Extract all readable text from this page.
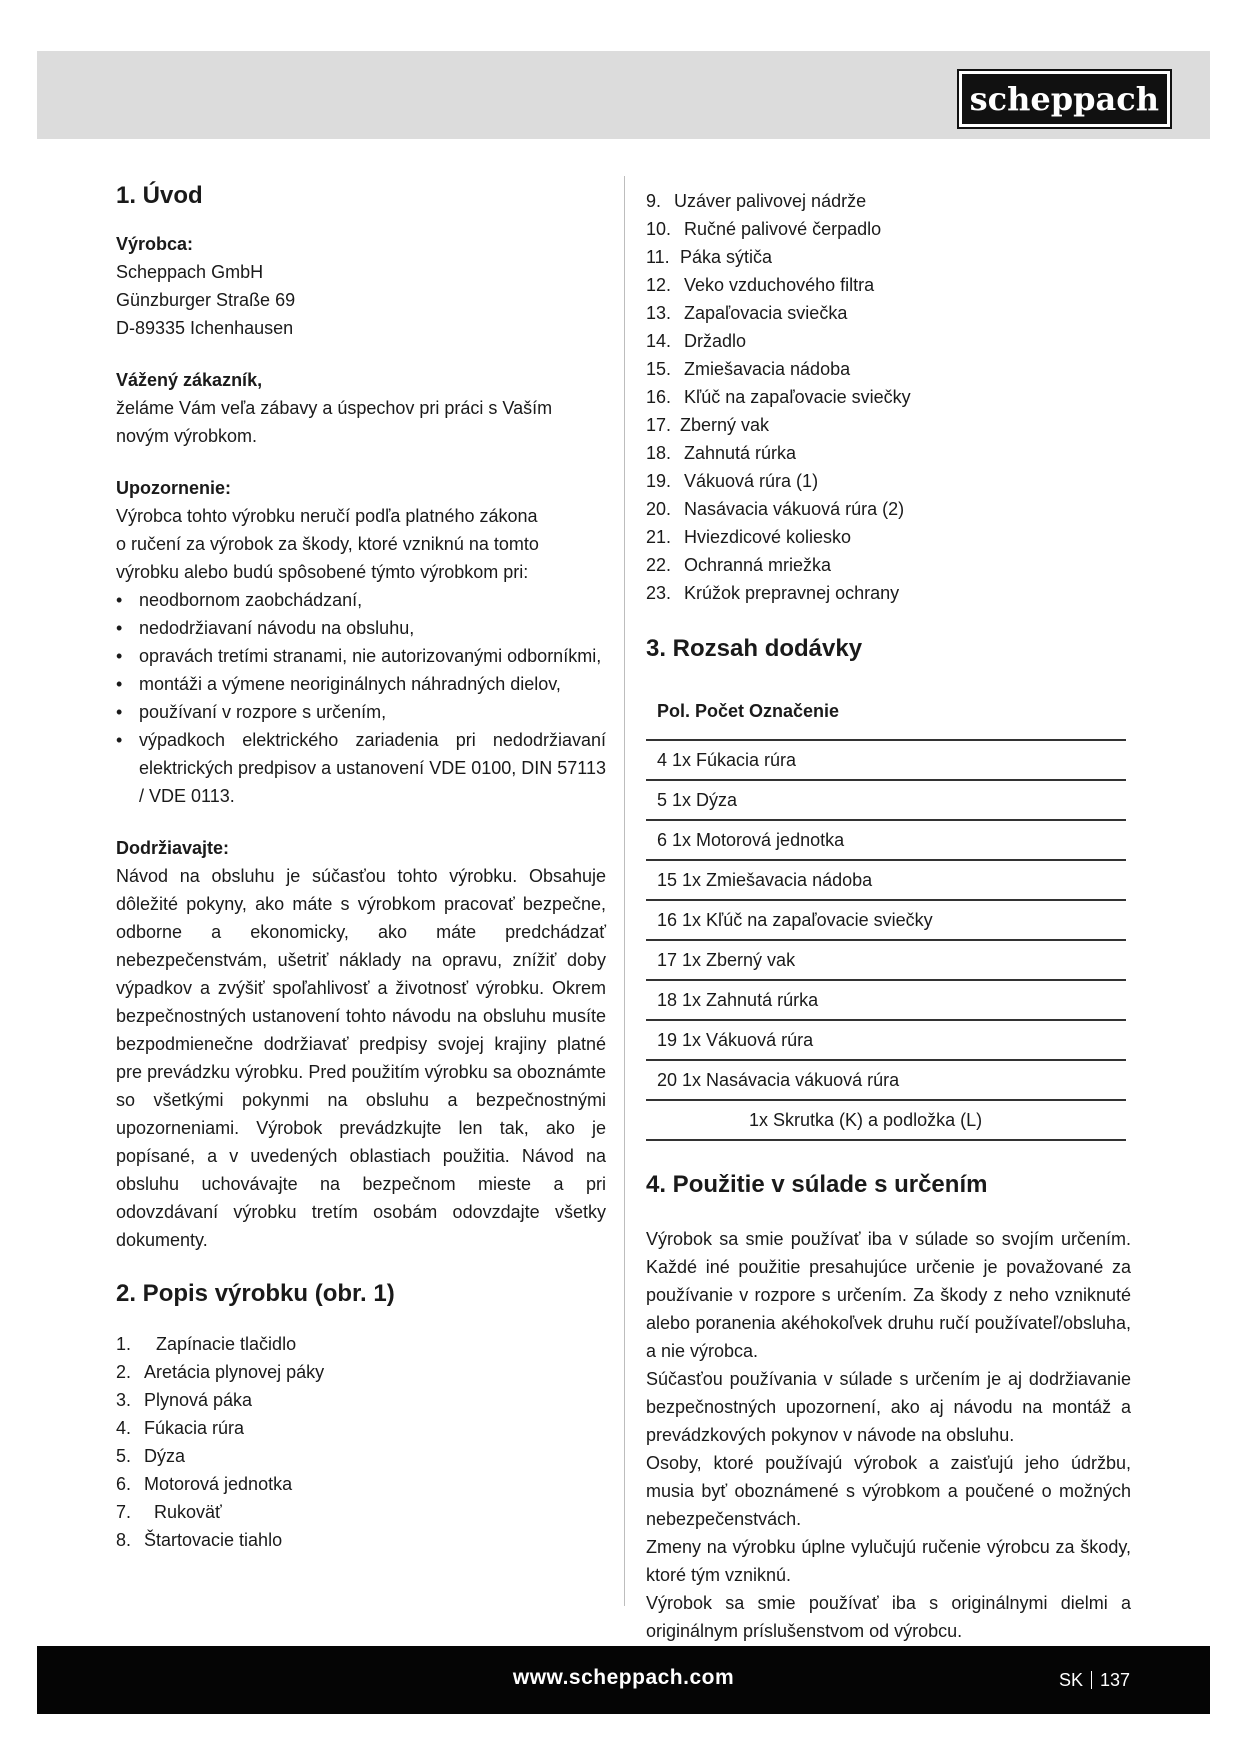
scheppach
1. Úvod

Výrobca:

Scheppach GmbH

Günzburger Straße 69

D-89335 Ichenhausen

Vážený zákazník,

želáme Vám veľa zábavy a úspechov pri práci s Vaším

novým výrobkom.

Upozornenie:

Výrobca tohto výrobku neručí podľa platného zákona

o ručení za výrobok za škody, ktoré vzniknú na tomto

výrobku alebo budú spôsobené týmto výrobkom pri:

• neodbornom zaobchádzaní,
• nedodržiavaní návodu na obsluhu,
• opravách tretími stranami, nie autorizovanými odborníkmi,
• montáži a výmene neoriginálnych náhradných dielov,
• používaní v rozpore s určením,
• výpadkoch elektrického zariadenia pri nedodržiavaní elektrických predpisov a ustanovení VDE 0100, DIN 57113 / VDE 0113.

Dodržiavajte:

Návod na obsluhu je súčasťou tohto výrobku. Obsahuje dôležité pokyny, ako máte s výrobkom pracovať bezpečne, odborne a ekonomicky, ako máte predchádzať nebezpečenstvám, ušetriť náklady na opravu, znížiť doby výpadkov a zvýšiť spoľahlivosť a životnosť výrobku. Okrem bezpečnostných ustanovení tohto návodu na obsluhu musíte bezpodmienečne dodržiavať predpisy svojej krajiny platné pre prevádzku výrobku. Pred použitím výrobku sa oboznámte so všetkými pokynmi na obsluhu a bezpečnostnými upozorneniami. Výrobok prevádzkujte len tak, ako je popísané, a v uvedených oblastiach použitia. Návod na obsluhu uchovávajte na bezpečnom mieste a pri odovzdávaní výrobku tretím osobám odovzdajte všetky dokumenty.

2. Popis výrobku (obr. 1)
1.	Zapínacie tlačidlo
2. Aretácia plynovej páky
3. Plynová páka
4. Fúkacia rúra
5. Dýza
6. Motorová jednotka
7.	Rukoväť
8. Štartovacie tiahlo
9. Uzáver palivovej nádrže
10. Ručné palivové čerpadlo
11. Páka sýtiča
12. Veko vzduchového filtra
13. Zapaľovacia sviečka
14. Držadlo
15. Zmiešavacia nádoba
16. Kľúč na zapaľovacie sviečky
17. Zberný vak
18. Zahnutá rúrka
19. Vákuová rúra (1)
20. Nasávacia vákuová rúra (2)
21. Hviezdicové koliesko
22. Ochranná mriežka
23. Krúžok prepravnej ochrany
3. Rozsah dodávky
Pol. Počet Označenie
4 1x Fúkacia rúra
5 1x Dýza
6 1x Motorová jednotka
15 1x Zmiešavacia nádoba
16 1x Kľúč na zapaľovacie sviečky
17 1x Zberný vak
18 1x Zahnutá rúrka
19 1x Vákuová rúra
20 1x Nasávacia vákuová rúra
1x Skrutka (K) a podložka (L)
4. Použitie v súlade s určením

Výrobok sa smie používať iba v súlade so svojím určením. Každé iné použitie presahujúce určenie je považované za používanie v rozpore s určením. Za škody z neho vzniknuté alebo poranenia akéhokoľvek druhu ručí používateľ/obsluha, a nie výrobca.

Súčasťou používania v súlade s určením je aj dodržiavanie bezpečnostných upozornení, ako aj návodu na montáž a prevádzkových pokynov v návode na obsluhu.

Osoby, ktoré používajú výrobok a zaisťujú jeho údržbu, musia byť oboznámené s výrobkom a poučené o možných nebezpečenstvách.

Zmeny na výrobku úplne vylučujú ručenie výrobcu za škody, ktoré tým vzniknú.

Výrobok sa smie používať iba s originálnymi dielmi a originálnym príslušenstvom od výrobcu.

www.scheppach.com	SK 137
